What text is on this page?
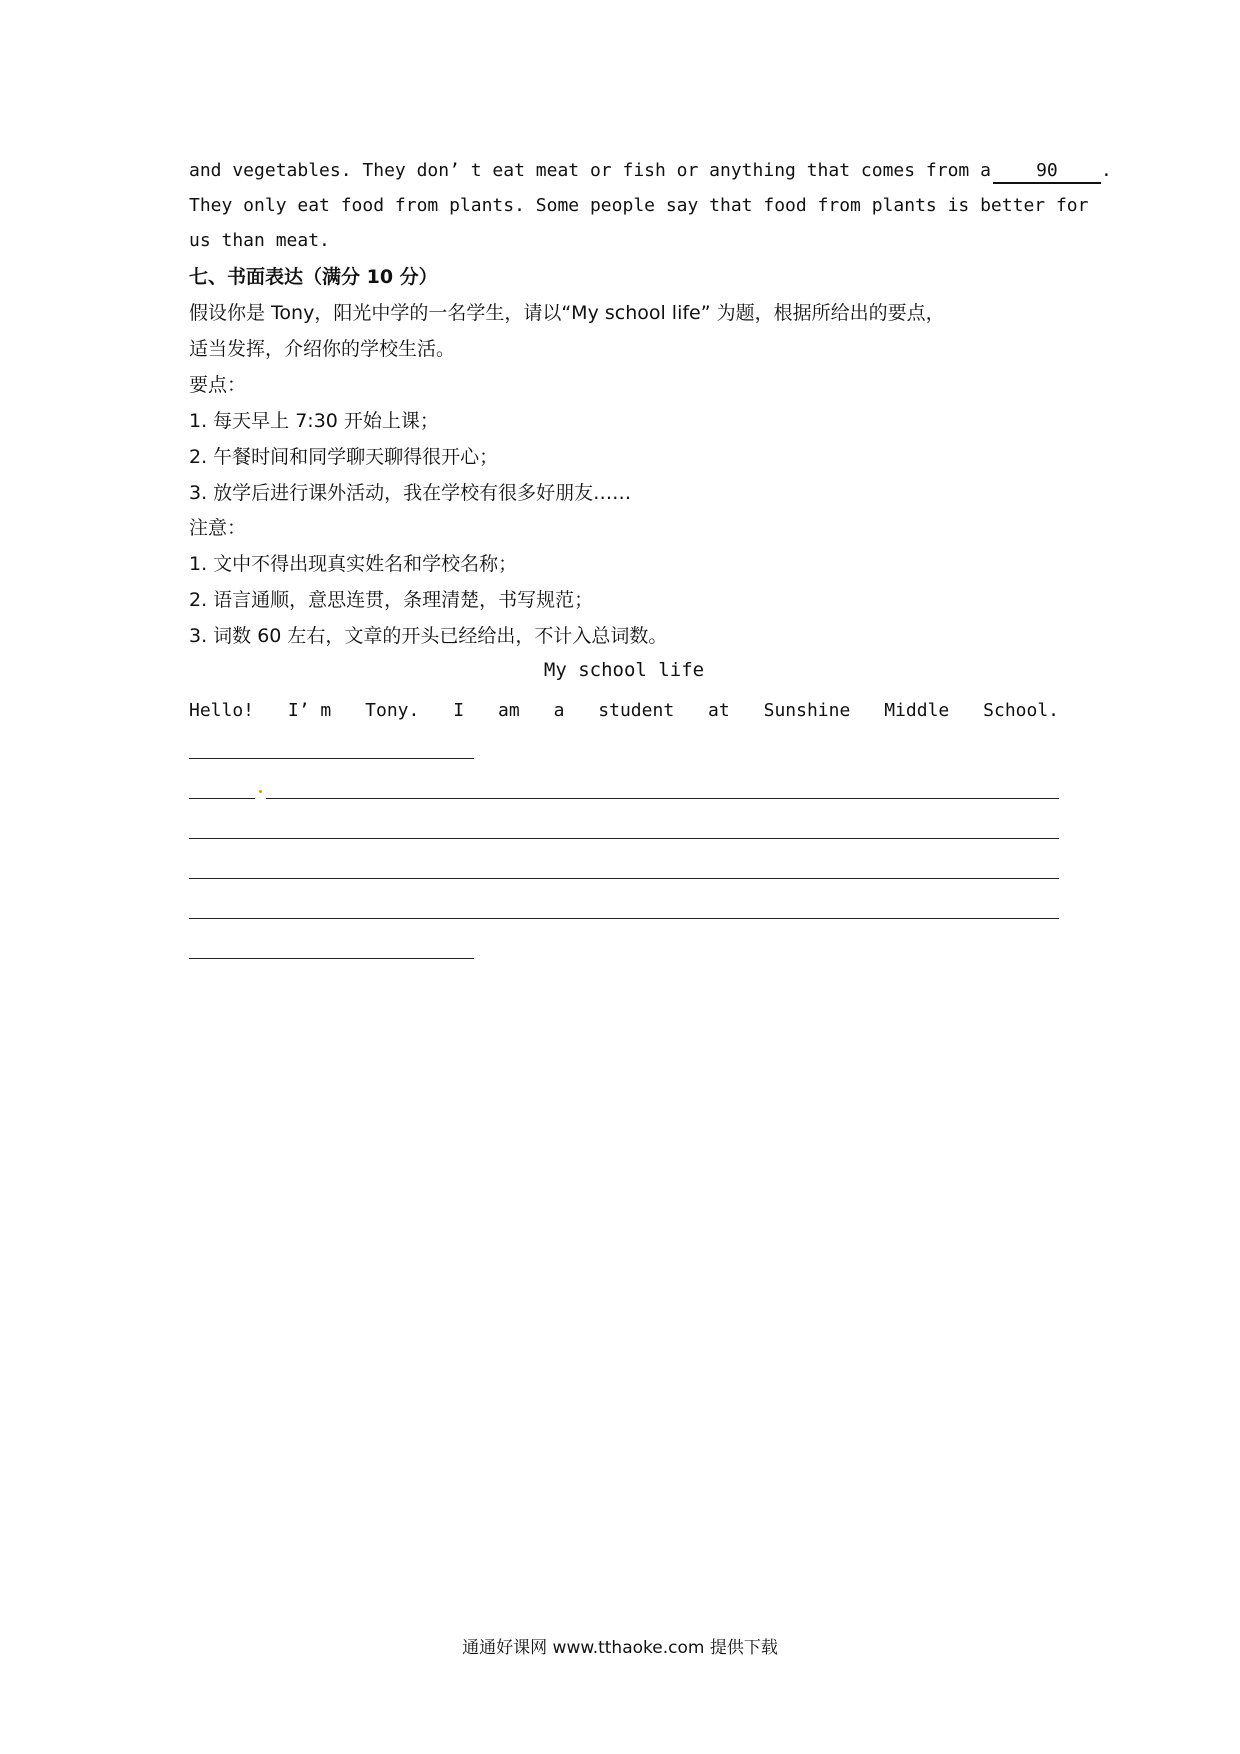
and vegetables. They don’ t eat meat or fish or anything that comes from a	90 .
They only eat food from plants. Some people say that food from plants is better for
us than meat.
七、书面表达（满分 10 分）
假设你是 Tony，阳光中学的一名学生，请以“My school life” 为题，根据所给出的要点，
适当发挥，介绍你的学校生活。
要点：
1. 每天早上 7:30 开始上课；
2. 午餐时间和同学聊天聊得很开心；
3. 放学后进行课外活动，我在学校有很多好朋友……
注意：
1. 文中不得出现真实姓名和学校名称；
2. 语言通顺，意思连贯，条理清楚，书写规范；
3. 词数 60 左右，文章的开头已经给出，不计入总词数。
My school life
Hello! I’ m Tony. I am a student at Sunshine Middle School.
通通好课网 www.tthaoke.com 提供下载
